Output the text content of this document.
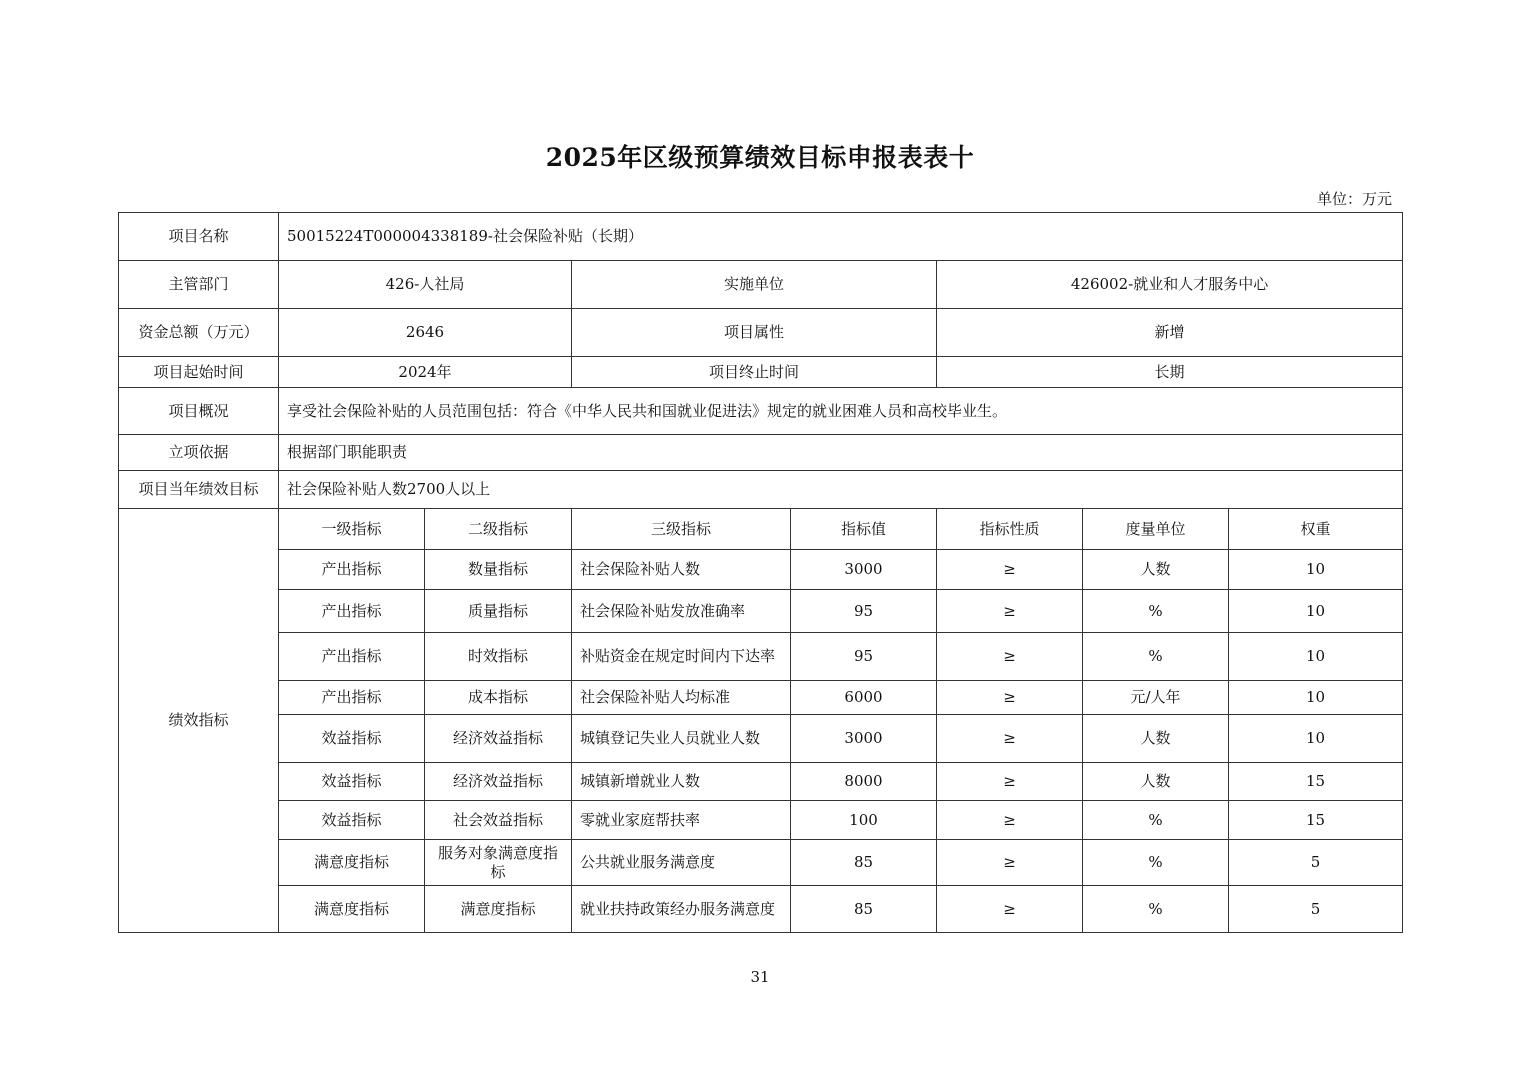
2025年区级预算绩效目标申报表表十
单位：万元
项目名称	50015224T000004338189-社会保险补贴（长期）						
主管部门	426-人社局		实施单位		426002-就业和人才服务中心		
资金总额（万元）	2646		项目属性		新增		
项目起始时间	2024年		项目终止时间		长期		
项目概况	享受社会保险补贴的人员范围包括：符合《中华人民共和国就业促进法》规定的就业困难人员和高校毕业生。						
立项依据	根据部门职能职责						
项目当年绩效目标	社会保险补贴人数2700人以上						
绩效指标	一级指标	二级指标	三级指标	指标值	指标性质	度量单位	权重
	产出指标	数量指标	社会保险补贴人数	3000	≥	人数	10
	产出指标	质量指标	社会保险补贴发放准确率	95	≥	%	10
	产出指标	时效指标	补贴资金在规定时间内下达率	95	≥	%	10
	产出指标	成本指标	社会保险补贴人均标准	6000	≥	元/人年	10
	效益指标	经济效益指标	城镇登记失业人员就业人数	3000	≥	人数	10
	效益指标	经济效益指标	城镇新增就业人数	8000	≥	人数	15
	效益指标	社会效益指标	零就业家庭帮扶率	100	≥	%	15
	满意度指标	服务对象满意度指标	公共就业服务满意度	85	≥	%	5
	满意度指标	满意度指标	就业扶持政策经办服务满意度	85	≥	%	5
31
